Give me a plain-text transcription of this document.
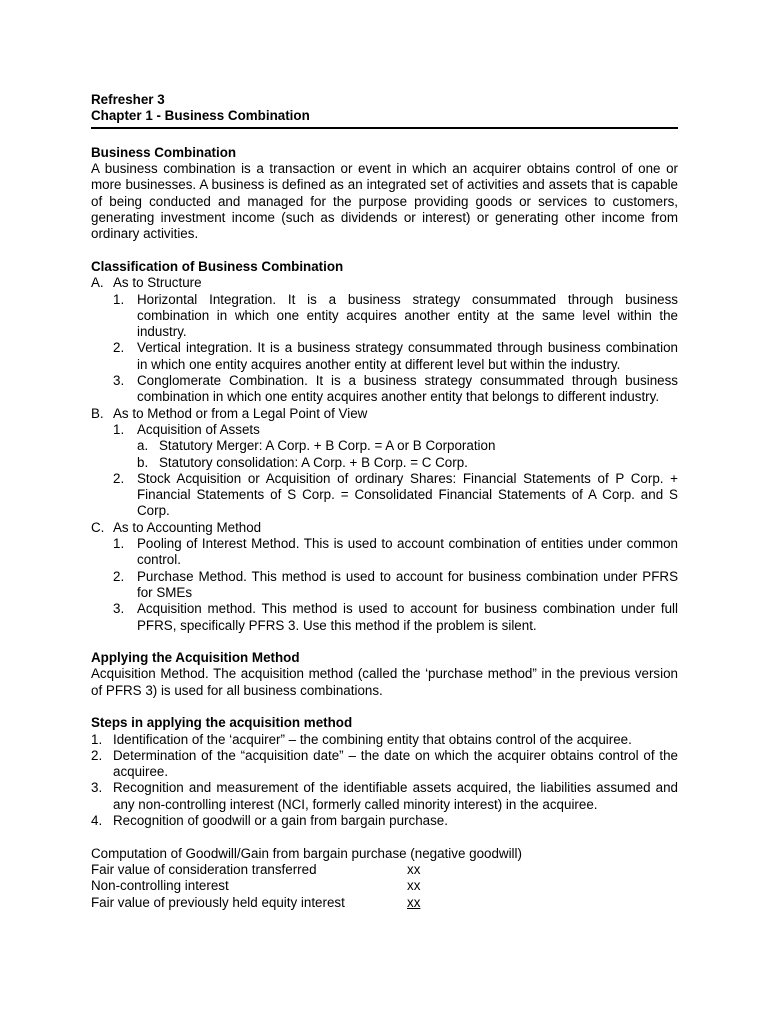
Refresher 3

Chapter 1 - Business Combination

Business Combination

A business combination is a transaction or event in which an acquirer obtains control of one or more businesses. A business is defined as an integrated set of activities and assets that is capable of being conducted and managed for the purpose providing goods or services to customers, generating investment income (such as dividends or interest) or generating other income from ordinary activities.

Classification of Business Combination

A. As to Structure
1. Horizontal Integration. It is a business strategy consummated through business combination in which one entity acquires another entity at the same level within the industry.
2. Vertical integration. It is a business strategy consummated through business combination in which one entity acquires another entity at different level but within the industry.
3. Conglomerate Combination. It is a business strategy consummated through business combination in which one entity acquires another entity that belongs to different industry.
B. As to Method or from a Legal Point of View
1. Acquisition of Assets
a. Statutory Merger: A Corp. + B Corp. = A or B Corporation
b. Statutory consolidation: A Corp. + B Corp. = C Corp.
2. Stock Acquisition or Acquisition of ordinary Shares: Financial Statements of P Corp. + Financial Statements of S Corp. = Consolidated Financial Statements of A Corp. and S Corp.
C. As to Accounting Method
1. Pooling of Interest Method. This is used to account combination of entities under common control.
2. Purchase Method. This method is used to account for business combination under PFRS for SMEs
3. Acquisition method. This method is used to account for business combination under full PFRS, specifically PFRS 3. Use this method if the problem is silent.

Applying the Acquisition Method

Acquisition Method. The acquisition method (called the ‘purchase method” in the previous version of PFRS 3) is used for all business combinations.

Steps in applying the acquisition method

1. Identification of the ‘acquirer” – the combining entity that obtains control of the acquiree.
2. Determination of the “acquisition date” – the date on which the acquirer obtains control of the acquiree.
3. Recognition and measurement of the identifiable assets acquired, the liabilities assumed and any non-controlling interest (NCI, formerly called minority interest) in the acquiree.
4. Recognition of goodwill or a gain from bargain purchase.

Computation of Goodwill/Gain from bargain purchase (negative goodwill)

Fair value of consideration transferred	xx
Non-controlling interest	xx
Fair value of previously held equity interest	xx
